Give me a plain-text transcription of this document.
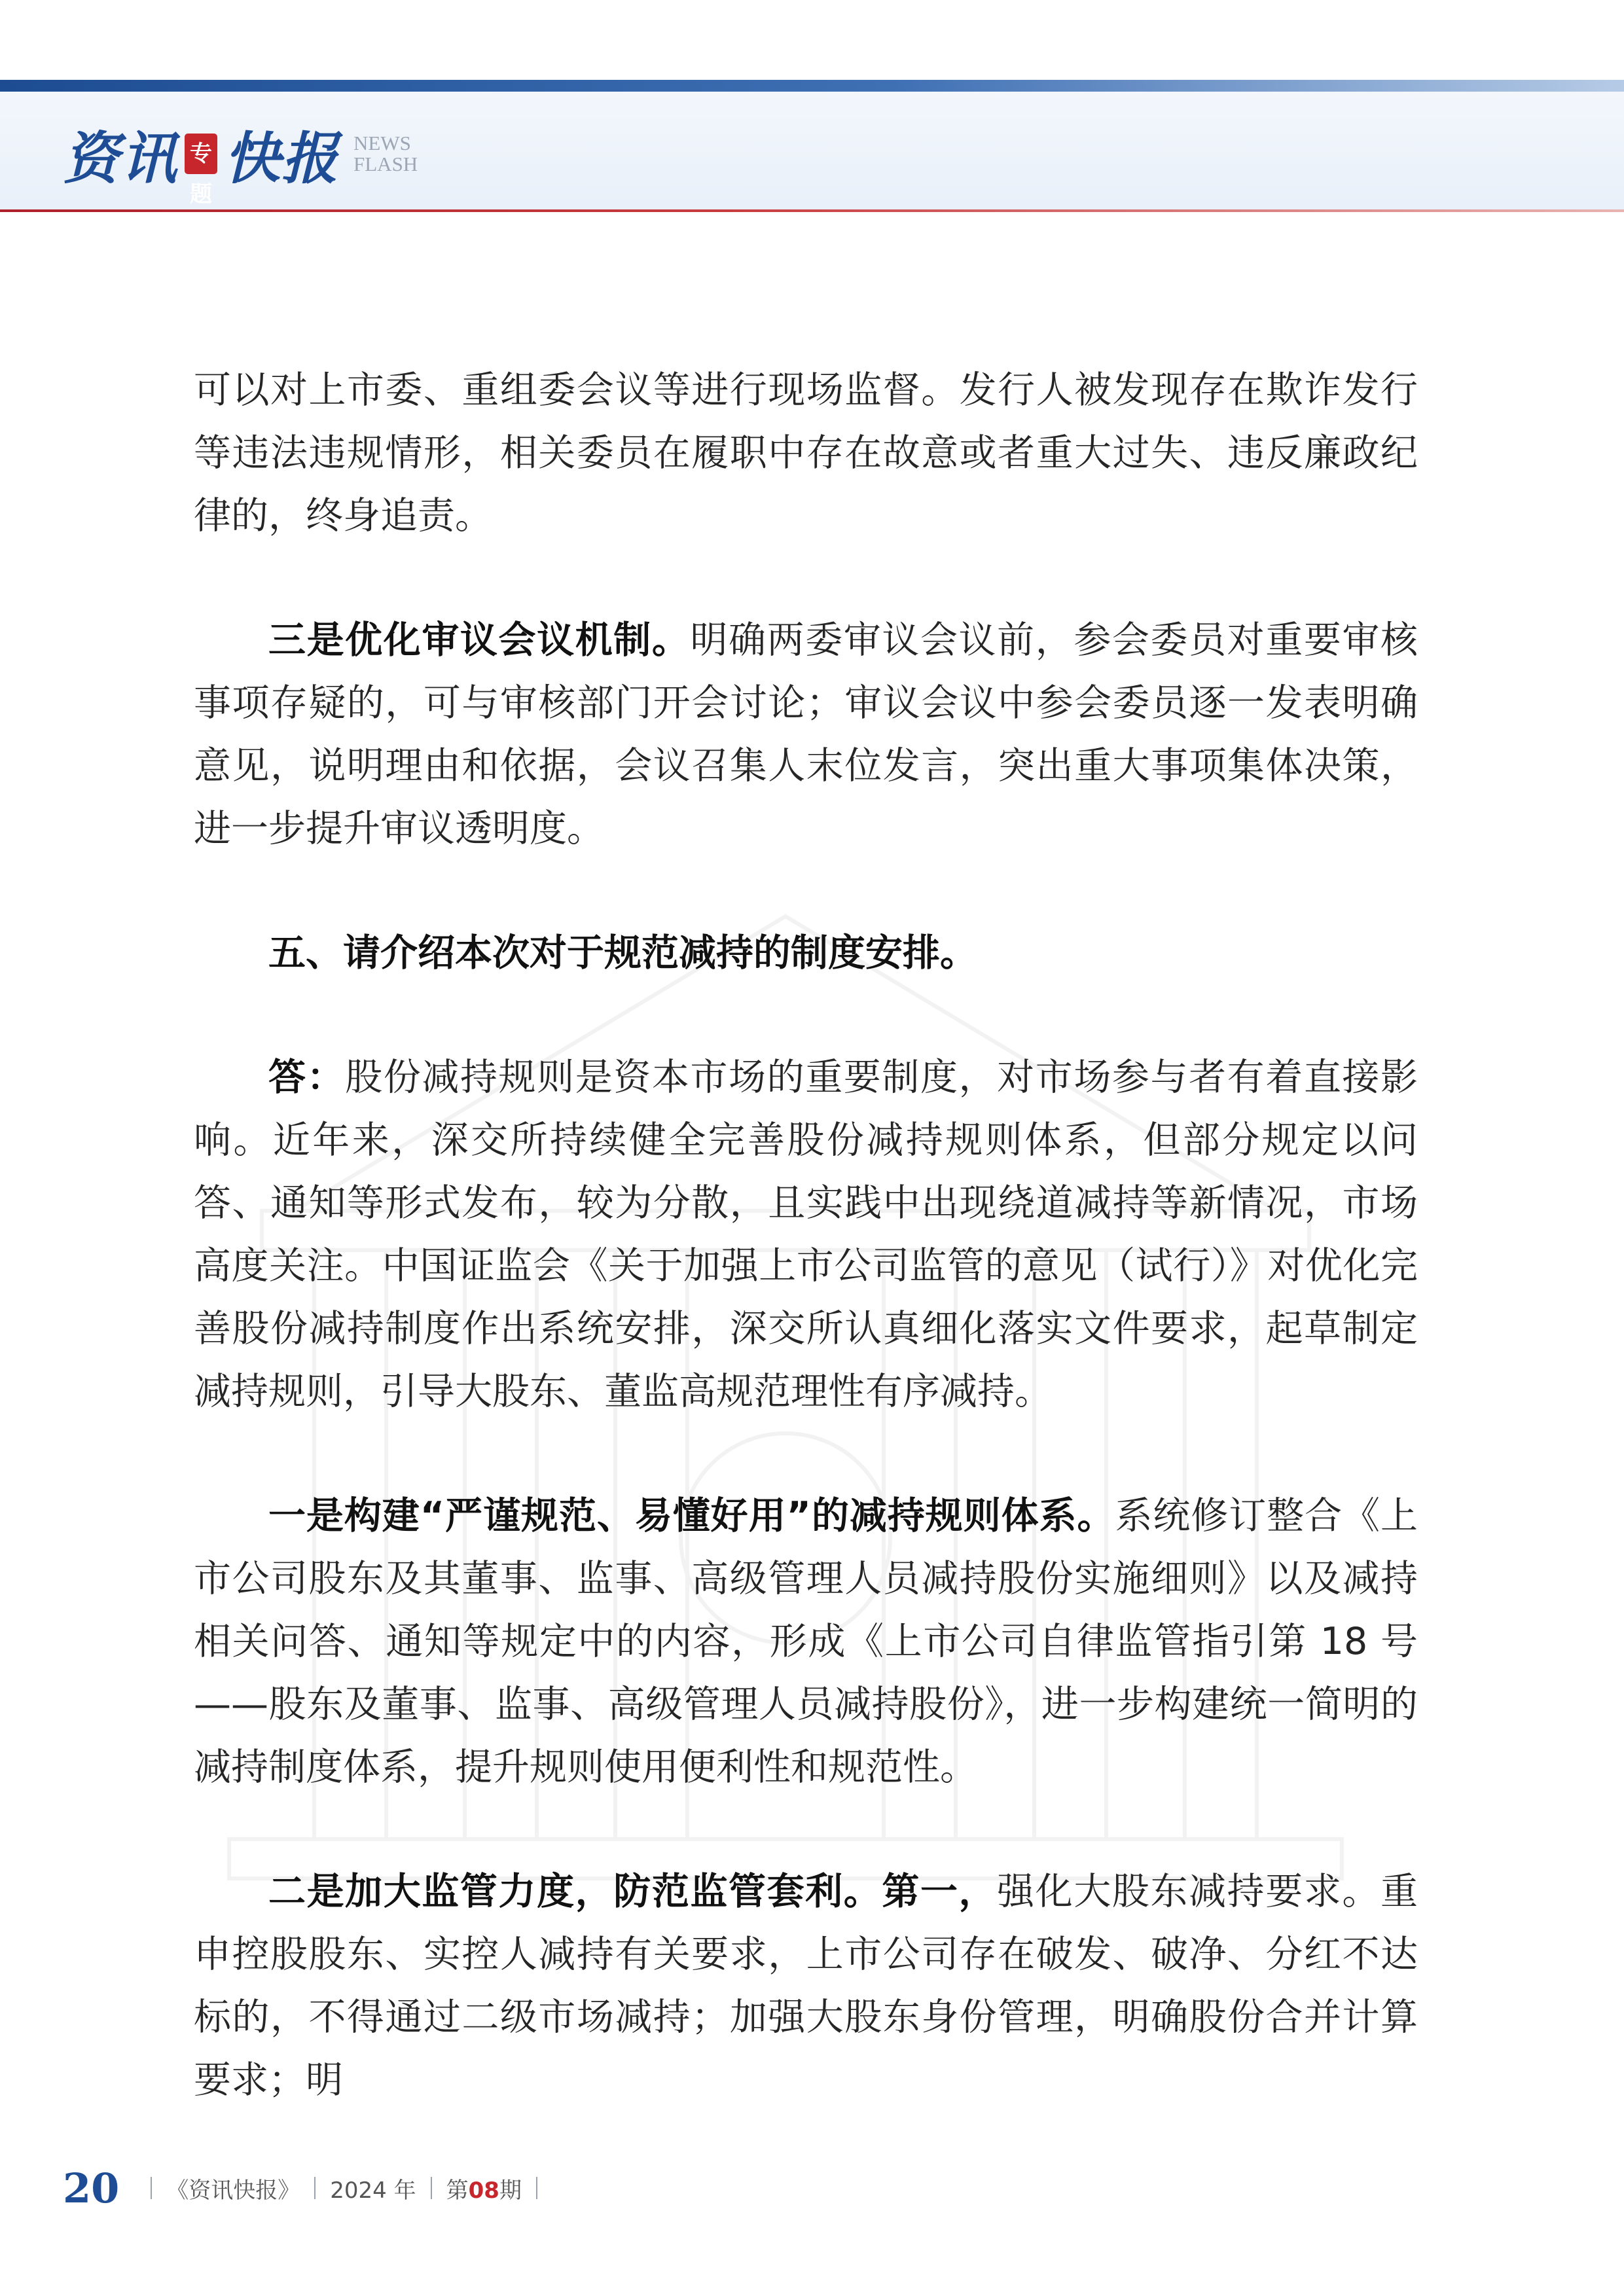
资讯 专题
快报 NEWS
FLASH

可以对上市委、重组委会议等进行现场监督。发行人被发现存在欺诈发行等违法违规情形，相关委员在履职中存在故意或者重大过失、违反廉政纪律的，终身追责。

三是优化审议会议机制。明确两委审议会议前，参会委员对重要审核事项存疑的，可与审核部门开会讨论；审议会议中参会委员逐一发表明确意见，说明理由和依据，会议召集人末位发言，突出重大事项集体决策，进一步提升审议透明度。

五、请介绍本次对于规范减持的制度安排。

答：股份减持规则是资本市场的重要制度，对市场参与者有着直接影响。近年来，深交所持续健全完善股份减持规则体系，但部分规定以问答、通知等形式发布，较为分散，且实践中出现绕道减持等新情况，市场高度关注。中国证监会《关于加强上市公司监管的意见（试行）》对优化完善股份减持制度作出系统安排，深交所认真细化落实文件要求，起草制定减持规则，引导大股东、董监高规范理性有序减持。

一是构建“严谨规范、易懂好用”的减持规则体系。系统修订整合《上市公司股东及其董事、监事、高级管理人员减持股份实施细则》以及减持相关问答、通知等规定中的内容，形成《上市公司自律监管指引第 18 号——股东及董事、监事、高级管理人员减持股份》，进一步构建统一简明的减持制度体系，提升规则使用便利性和规范性。

二是加大监管力度，防范监管套利。第一，强化大股东减持要求。重申控股股东、实控人减持有关要求，上市公司存在破发、破净、分红不达标的，不得通过二级市场减持；加强大股东身份管理，明确股份合并计算要求；明

20 《资讯快报》 2024 年 第08期
